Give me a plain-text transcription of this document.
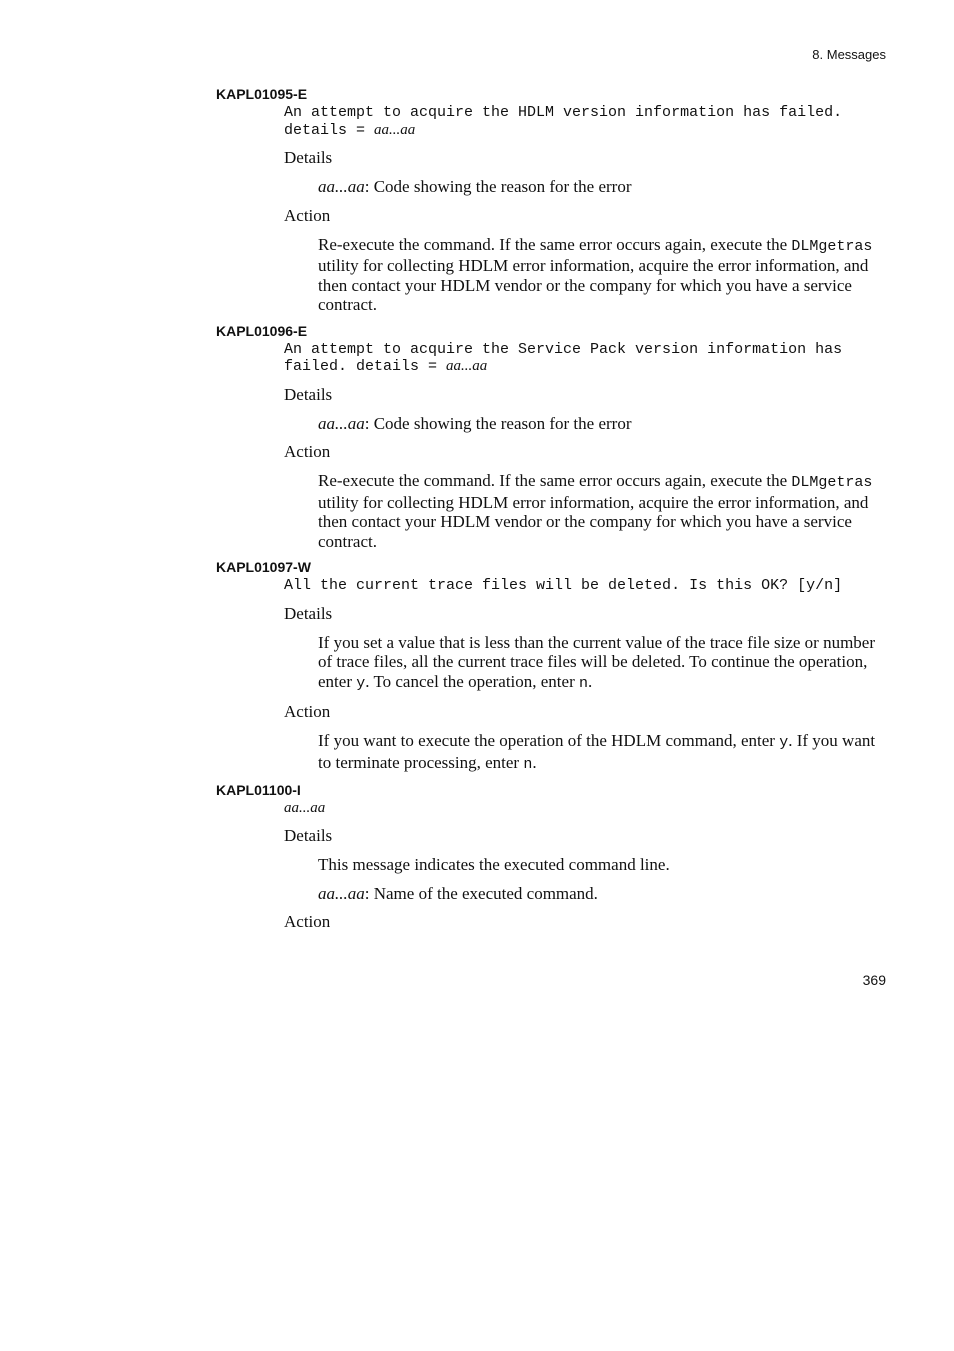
8. Messages
KAPL01095-E
An attempt to acquire the HDLM version information has failed.
details = aa...aa
Details
aa...aa: Code showing the reason for the error
Action
Re-execute the command. If the same error occurs again, execute the DLMgetras utility for collecting HDLM error information, acquire the error information, and then contact your HDLM vendor or the company for which you have a service contract.
KAPL01096-E
An attempt to acquire the Service Pack version information has
failed. details = aa...aa
Details
aa...aa: Code showing the reason for the error
Action
Re-execute the command. If the same error occurs again, execute the DLMgetras utility for collecting HDLM error information, acquire the error information, and then contact your HDLM vendor or the company for which you have a service contract.
KAPL01097-W
All the current trace files will be deleted. Is this OK? [y/n]
Details
If you set a value that is less than the current value of the trace file size or number of trace files, all the current trace files will be deleted. To continue the operation, enter y. To cancel the operation, enter n.
Action
If you want to execute the operation of the HDLM command, enter y. If you want to terminate processing, enter n.
KAPL01100-I
aa...aa
Details
This message indicates the executed command line.
aa...aa: Name of the executed command.
Action
369
